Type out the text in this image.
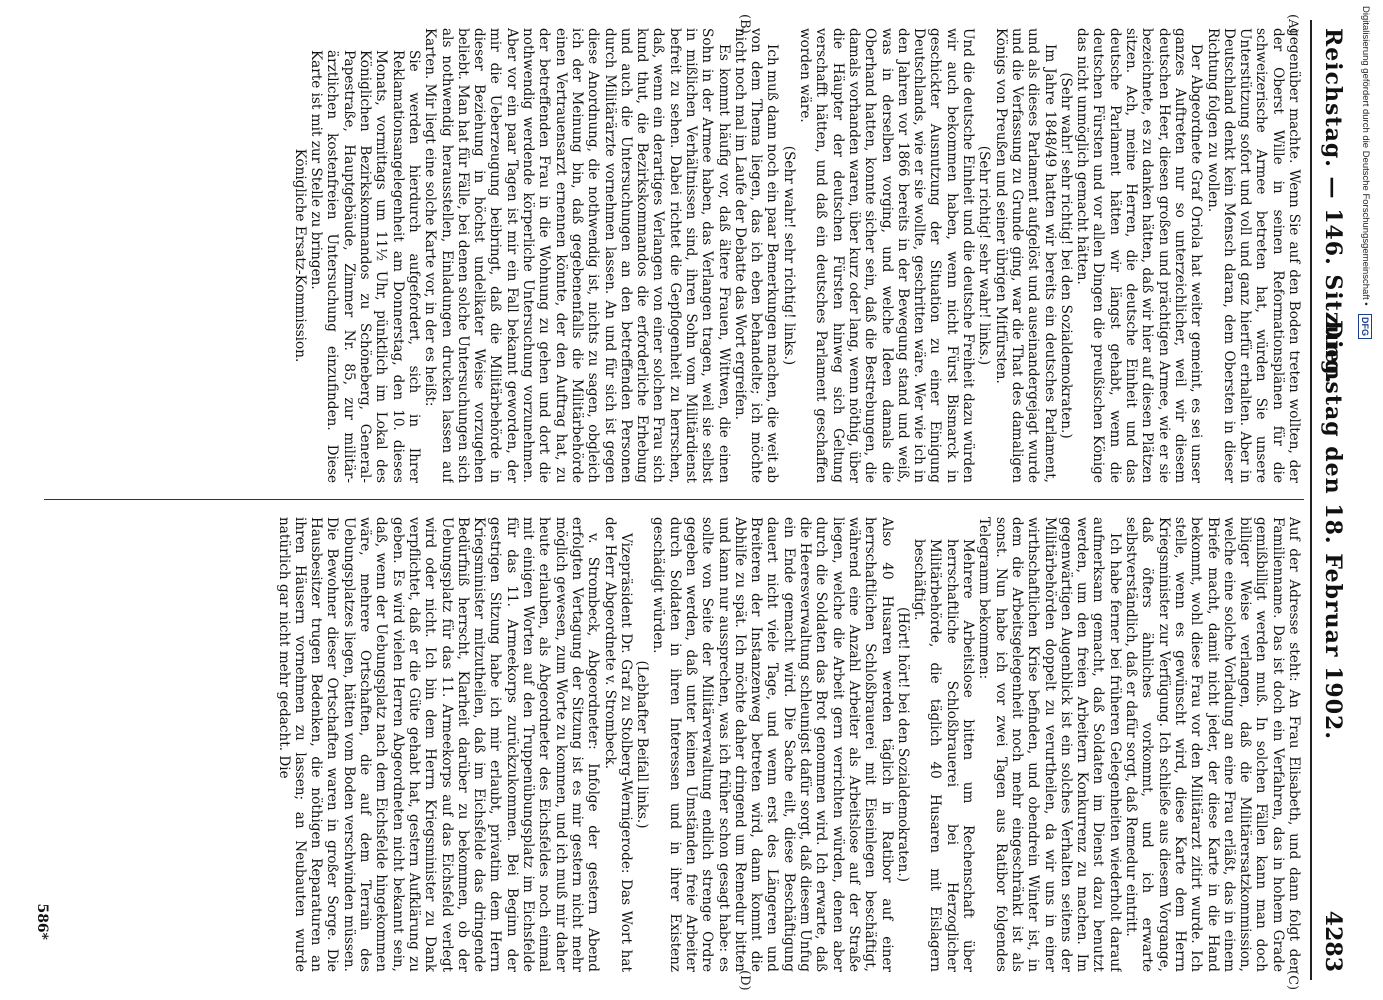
Reichstag. — 146. Sitzung.
Dienstag den 18. Februar 1902.
4283
(A)
(B)
(C)
(D)

gegenüber machte. Wenn Sie auf den Boden treten wollten, der der Oberst Wille in seinen Reformationsplänen für die schweizerische Armee betreten hat, würden Sie unsere Unterstützung sofort und voll und ganz hierfür erhalten. Aber in Deutschland denkt kein Mensch daran, dem Obersten in dieser Richtung folgen zu wollen.

Der Abgeordnete Graf Oriola hat weiter gemeint, es sei unser ganzes Auftreten nur so unterzeichlicher, weil wir diesem deutschen Heer, diesen großen und prächtigen Armee, wie er sie bezeichnete, es zu danken hätten, daß wir hier auf diesen Plätzen sitzen. Ach, meine Herren, die deutsche Einheit und das deutsche Parlament hätten wir längst gehabt, wenn die deutschen Fürsten und vor allen Dingen die preußischen Könige das nicht unmöglich gemacht hätten.

(Sehr wahr! sehr richtig! bei den Sozialdemokraten.)

Im Jahre 1848/49 hatten wir bereits ein deutsches Parlament, und als dieses Parlament aufgelöst und auseinandergejagt wurde und die Verfassung zu Grunde ging, war die That des damaligen Königs von Preußen und seiner übrigen Mitfürsten.

(Sehr richtig! sehr wahr! links.)

Und die deutsche Einheit und die deutsche Freiheit dazu würden wir auch bekommen haben, wenn nicht Fürst Bismarck in geschickter Ausnutzung der Situation zu einer Einigung Deutschlands, wie er sie wollte, geschritten wäre. Wer wie ich in den Jahren vor 1866 bereits in der Bewegung stand und weiß, was in derselben vorging, und welche Ideen damals die Oberhand hatten, konnte sicher sein, daß die Bestrebungen, die damals vorhanden waren, über kurz oder lang, wenn nöthig, über die Häupter der deutschen Fürsten hinweg sich Geltung verschafft hätten, und daß ein deutsches Parlament geschaffen worden wäre.

(Sehr wahr! sehr richtig! links.)

Ich muß dann noch ein paar Bemerkungen machen, die weit ab von dem Thema liegen, das ich eben behandelte; ich möchte nicht noch mal im Laufe der Debatte das Wort ergreifen.

Es kommt häufig vor, daß ältere Frauen, Wittwen, die einen Sohn in der Armee haben, das Verlangen tragen, weil sie selbst in mißlichen Verhältnissen sind, ihren Sohn vom Militärdienst befreit zu sehen. Dabei richtet die Gepflogenheit zu herrschen, daß, wenn ein derartiges Verlangen von einer solchen Frau sich kund thut, die Bezirkskommandos die erforderliche Erhebung und auch die Untersuchungen an den betreffenden Personen durch Militärärzte vornehmen lassen. An und für sich ist gegen diese Anordnung, die nothwendig ist, nichts zu sagen, obgleich ich der Meinung bin, daß gegebenenfalls die Militärbehörde einen Vertrauensarzt ernennen könnte, der den Auftrag hat, zu der betreffenden Frau in die Wohnung zu gehen und dort die nothwendig werdende körperliche Untersuchung vorzunehmen. Aber vor ein paar Tagen ist mir ein Fall bekannt geworden, der mir die Ueberzeugung beibringt, daß die Militärbehörde in dieser Beziehung in höchst undelikater Weise vorzugehen beliebt. Man hat für Fälle, bei denen solche Untersuchungen sich als nothwendig herausstellen, Einladungen drucken lassen auf Karten. Mir liegt eine solche Karte vor, in der es heißt:

Sie werden hierdurch aufgefordert, sich in Ihrer Reklamationsangelegenheit am Donnerstag, den 10. dieses Monats, vormittags um 11½ Uhr, pünktlich im Lokal des Königlichen Bezirkskommandos zu Schöneberg, General-Papestraße, Hauptgebäude, Zimmer Nr. 85, zur militär-ärztlichen kostenfreien Untersuchung einzufinden. Diese Karte ist mit zur Stelle zu bringen.

Königliche Ersatz-Kommission.

Auf der Adresse steht: An Frau Elisabeth, und dann folgt der Familienname. Das ist doch ein Verfahren, das in hohem Grade gemißbilligt werden muß. In solchen Fällen kann man doch billiger Weise verlangen, daß die Militärersatzkommission, welche eine solche Vorladung an eine Frau erläßt, das in einem Briefe macht, damit nicht jeder, der diese Karte in die Hand bekommt, wohl diese Frau vor den Militärarzt zitirt wurde. Ich stelle, wenn es gewünscht wird, diese Karte dem Herrn Kriegsminister zur Verfügung. Ich schließe aus diesem Vorgange, daß öfters ähnliches vorkommt, und ich erwarte selbstverständlich, daß er dafür sorgt, daß Remedur eintritt.

Ich habe ferner bei früheren Gelegenheiten wiederholt darauf aufmerksam gemacht, daß Soldaten im Dienst dazu benutzt werden, um den freien Arbeitern Konkurrenz zu machen. Im gegenwärtigen Augenblick ist ein solches Verhalten seitens der Militärbehörden doppelt zu verurtheilen, da wir uns in einer wirthschaftlichen Krise befinden, und obendrein Winter ist, in dem die Arbeitsgelegenheit noch mehr eingeschränkt ist als sonst. Nun habe ich vor zwei Tagen aus Ratibor folgendes Telegramm bekommen:

Mehrere Arbeitslose bitten um Rechenschaft über herrschaftliche Schloßbrauerei bei Herzoglicher Militärbehörde, die täglich 40 Husaren mit Eislagern beschäftigt.

(Hört! hört! bei den Sozialdemokraten.)

Also 40 Husaren werden täglich in Ratibor auf einer herrschaftlichen Schloßbrauerei mit Eiseinlegen beschäftigt, während eine Anzahl Arbeiter als Arbeitslose auf der Straße liegen, welche die Arbeit gern verrichten würden, denen aber durch die Soldaten das Brot genommen wird. Ich erwarte, daß die Heeresverwaltung schleunigst dafür sorgt, daß diesem Unfug ein Ende gemacht wird. Die Sache eilt, diese Beschäftigung dauert nicht viele Tage, und wenn erst des Längeren und Breiteren der Instanzenweg betreten wird, dann kommt die Abhilfe zu spät. Ich möchte daher dringend um Remedur bitten und kann nur aussprechen, was ich früher schon gesagt habe: es sollte von Seite der Militärverwaltung endlich strenge Ordre gegeben werden, daß unter keinen Umständen freie Arbeiter durch Soldaten in ihren Interessen und in ihrer Existenz geschädigt würden.

(Lebhafter Beifall links.)

Vizepräsident Dr. Graf zu Stolberg-Wernigerode: Das Wort hat der Herr Abgeordnete v. Strombeck.

v. Strombeck, Abgeordneter: Infolge der gestern Abend erfolgten Vertagung der Sitzung ist es mir gestern nicht mehr möglich gewesen, zum Worte zu kommen, und ich muß mir daher heute erlauben, als Abgeordneter des Eichsfeldes noch einmal mit einigen Worten auf den Truppenübungsplatz im Eichsfelde für das 11. Armeekorps zurückzukommen. Bei Beginn der gestrigen Sitzung habe ich mir erlaubt, privatim dem Herrn Kriegsminister mitzutheilen, daß im Eichsfelde das dringende Bedürfniß herrscht, Klarheit darüber zu bekommen, ob der Uebungsplatz für das 11. Armeekorps auf das Eichsfeld verlegt wird oder nicht. Ich bin dem Herrn Kriegsminister zu Dank verpflichtet, daß er die Güte gehabt hat, gestern Aufklärung zu geben. Es wird vielen Herren Abgeordneten nicht bekannt sein, daß, wenn der Uebungsplatz nach dem Eichsfelde hingekommen wäre, mehrere Ortschaften, die auf dem Terrain des Uebungsplatzes liegen, hätten vom Boden verschwinden müssen. Die Bewohner dieser Ortschaften waren in großer Sorge. Die Hausbesitzer trugen Bedenken, die nöthigen Reparaturen an ihren Häusern vornehmen zu lassen; an Neubauten wurde natürlich gar nicht mehr gedacht. Die

586*
Digitalisierung gefördert durch die Deutsche Forschungsgemeinschaft • DFG
